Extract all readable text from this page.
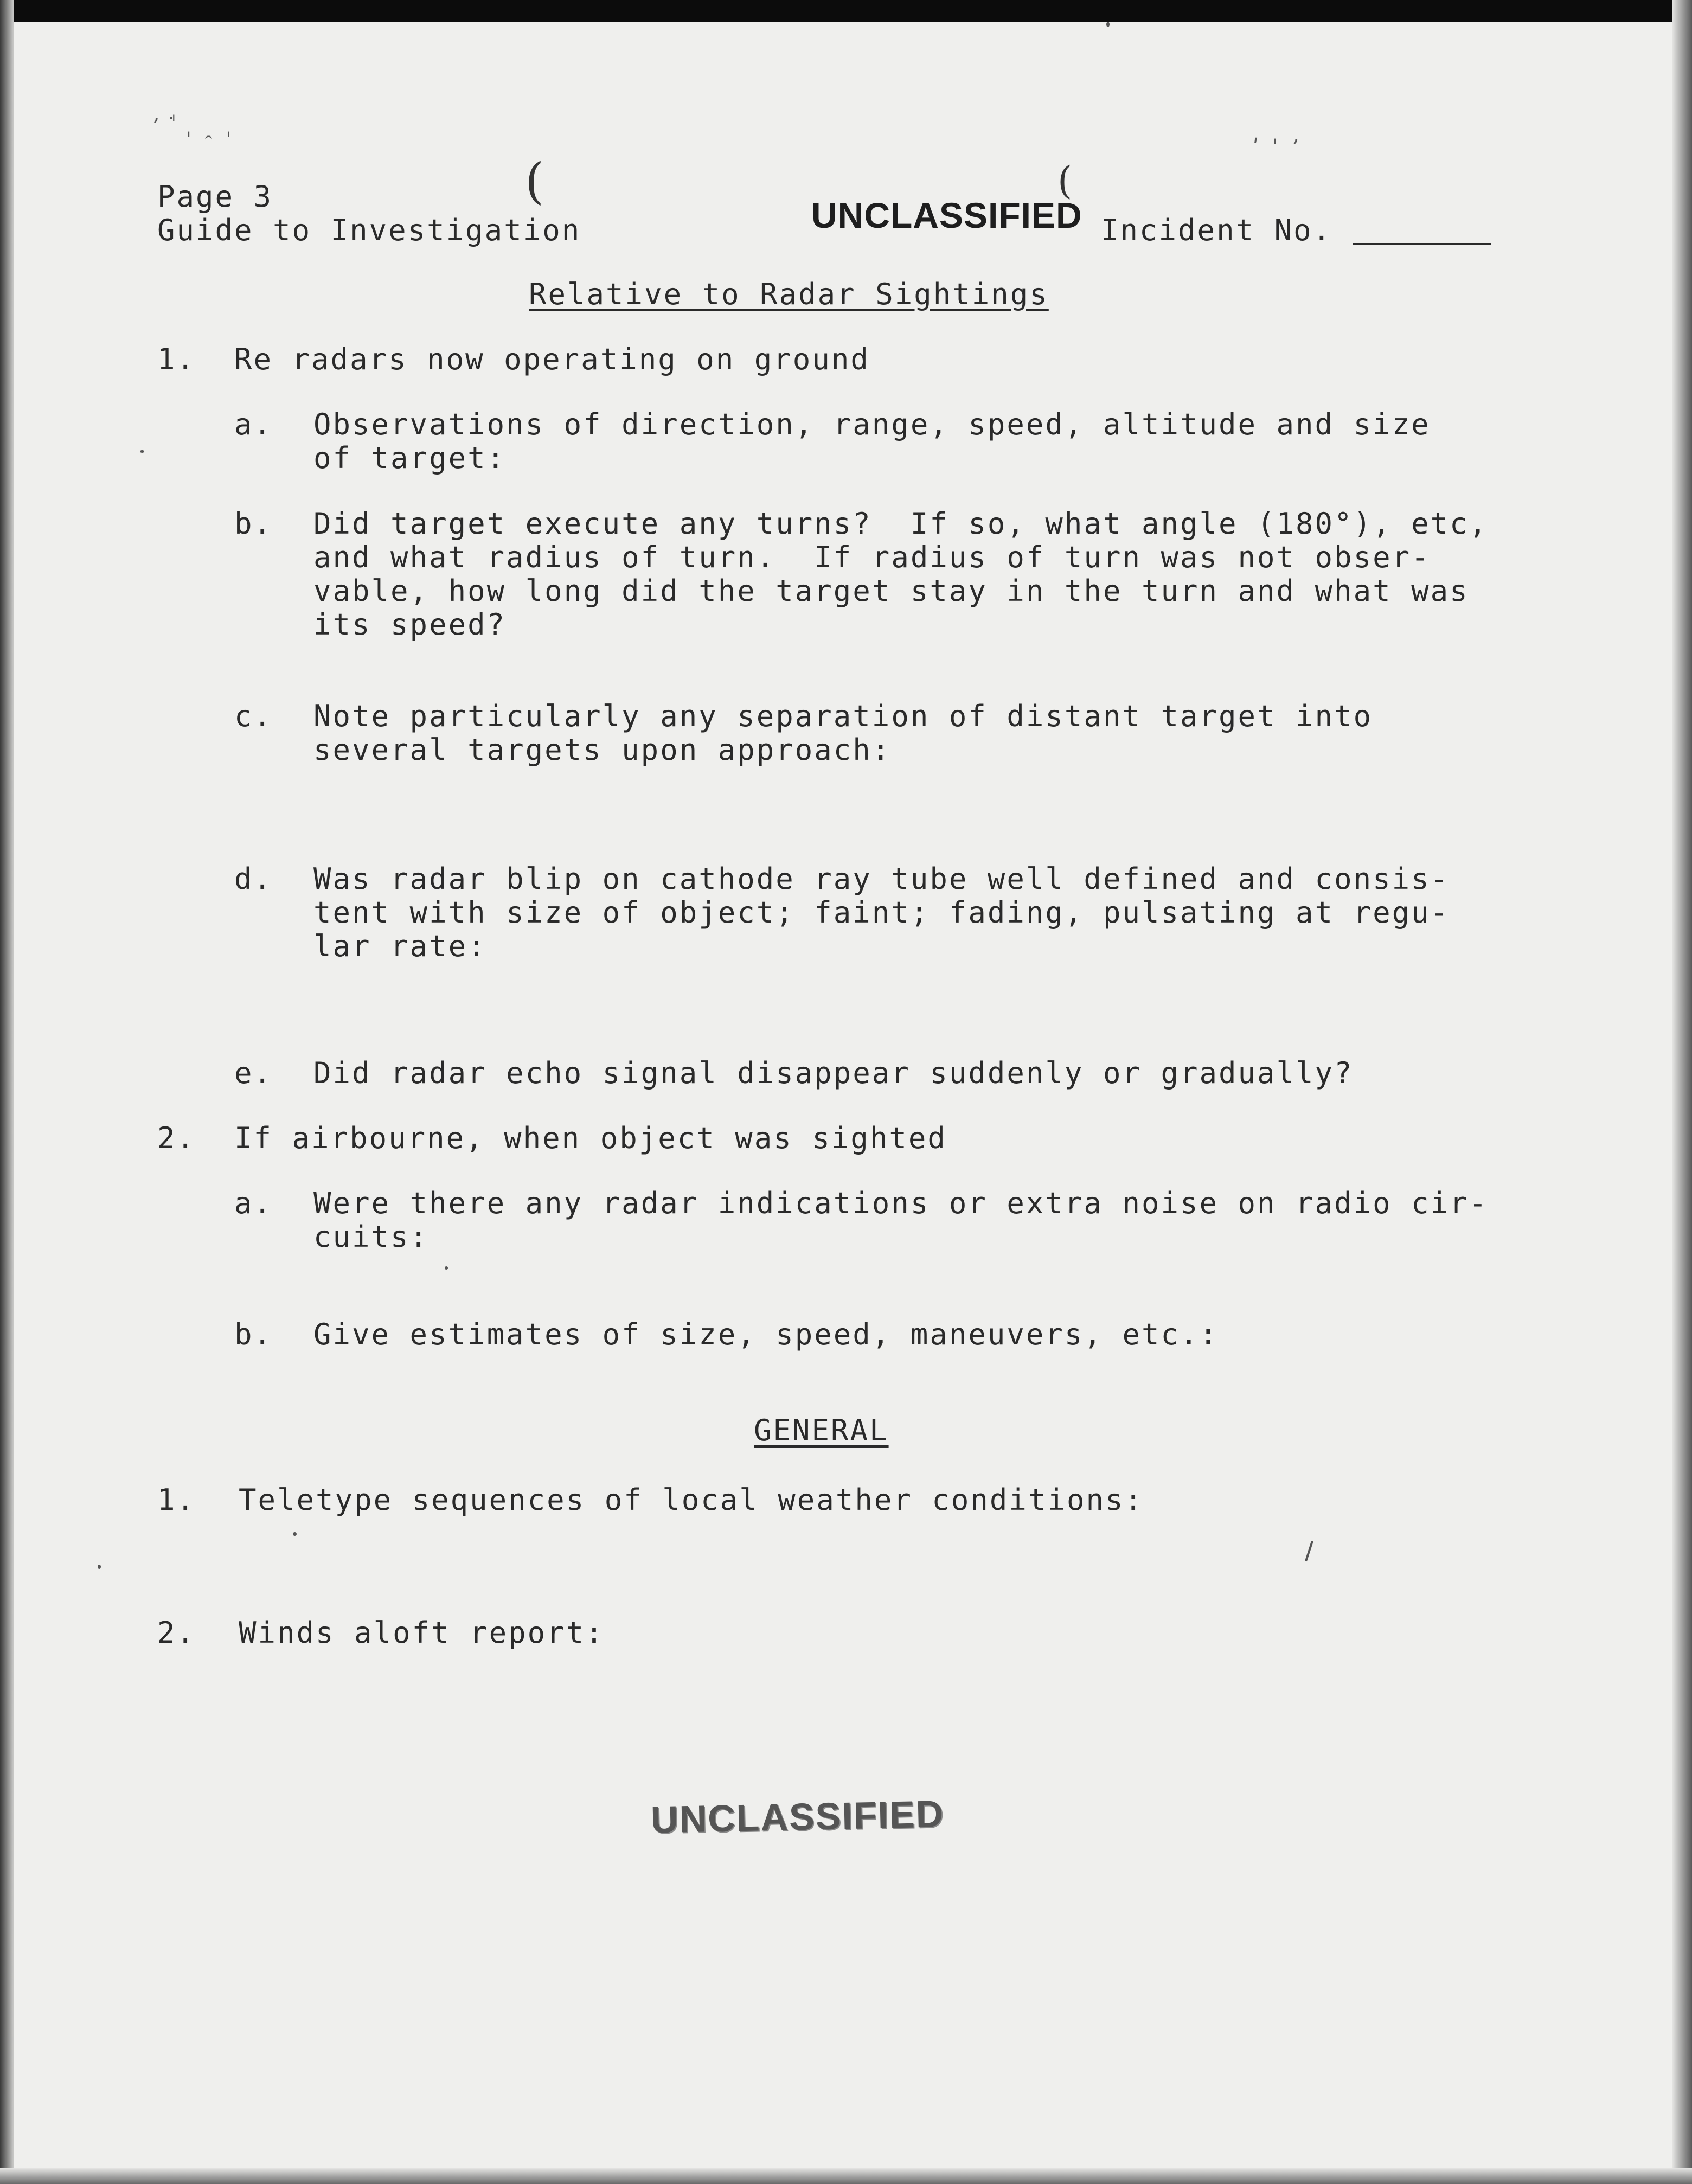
ʼ ꜗ ˌ ꞈ ˌ
ʹ ˈ ʼ
(	(
Page 3
Guide to Investigation	UNCLASSIFIED Incident No.
Relative to Radar Sightings
1. Re radars now operating on ground
a. Observations of direction, range, speed, altitude and size
of target:
b. Did target execute any turns?  If so, what angle (180°), etc,
and what radius of turn.  If radius of turn was not obser-
vable, how long did the target stay in the turn and what was
its speed?
c. Note particularly any separation of distant target into
several targets upon approach:
d. Was radar blip on cathode ray tube well defined and consis-
tent with size of object; faint; fading, pulsating at regu-
lar rate:
e. Did radar echo signal disappear suddenly or gradually?
2. If airbourne, when object was sighted
a. Were there any radar indications or extra noise on radio cir-
cuits:
b. Give estimates of size, speed, maneuvers, etc.:
GENERAL
1. Teletype sequences of local weather conditions:
2. Winds aloft report:
UNCLASSIFIED
